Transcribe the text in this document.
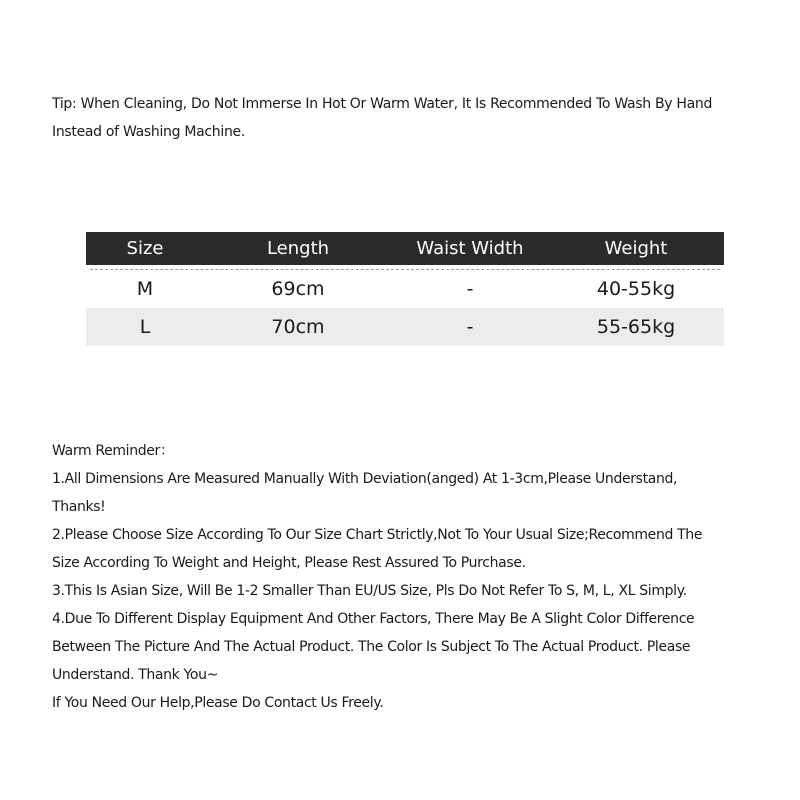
Tip: When Cleaning, Do Not Immerse In Hot Or Warm Water, It Is Recommended To Wash By Hand
Instead of Washing Machine.
Size	Length	Waist Width	Weight
M	69cm	-	40-55kg
L	70cm	-	55-65kg
Warm Reminder：
1.All Dimensions Are Measured Manually With Deviation(anged) At 1-3cm,Please Understand,
Thanks!
2.Please Choose Size According To Our Size Chart Strictly,Not To Your Usual Size;Recommend The
Size According To Weight and Height, Please Rest Assured To Purchase.
3.This Is Asian Size, Will Be 1-2 Smaller Than EU/US Size, Pls Do Not Refer To S, M, L, XL Simply.
4.Due To Different Display Equipment And Other Factors, There May Be A Slight Color Difference
Between The Picture And The Actual Product. The Color Is Subject To The Actual Product. Please
Understand. Thank You~
If You Need Our Help,Please Do Contact Us Freely.
